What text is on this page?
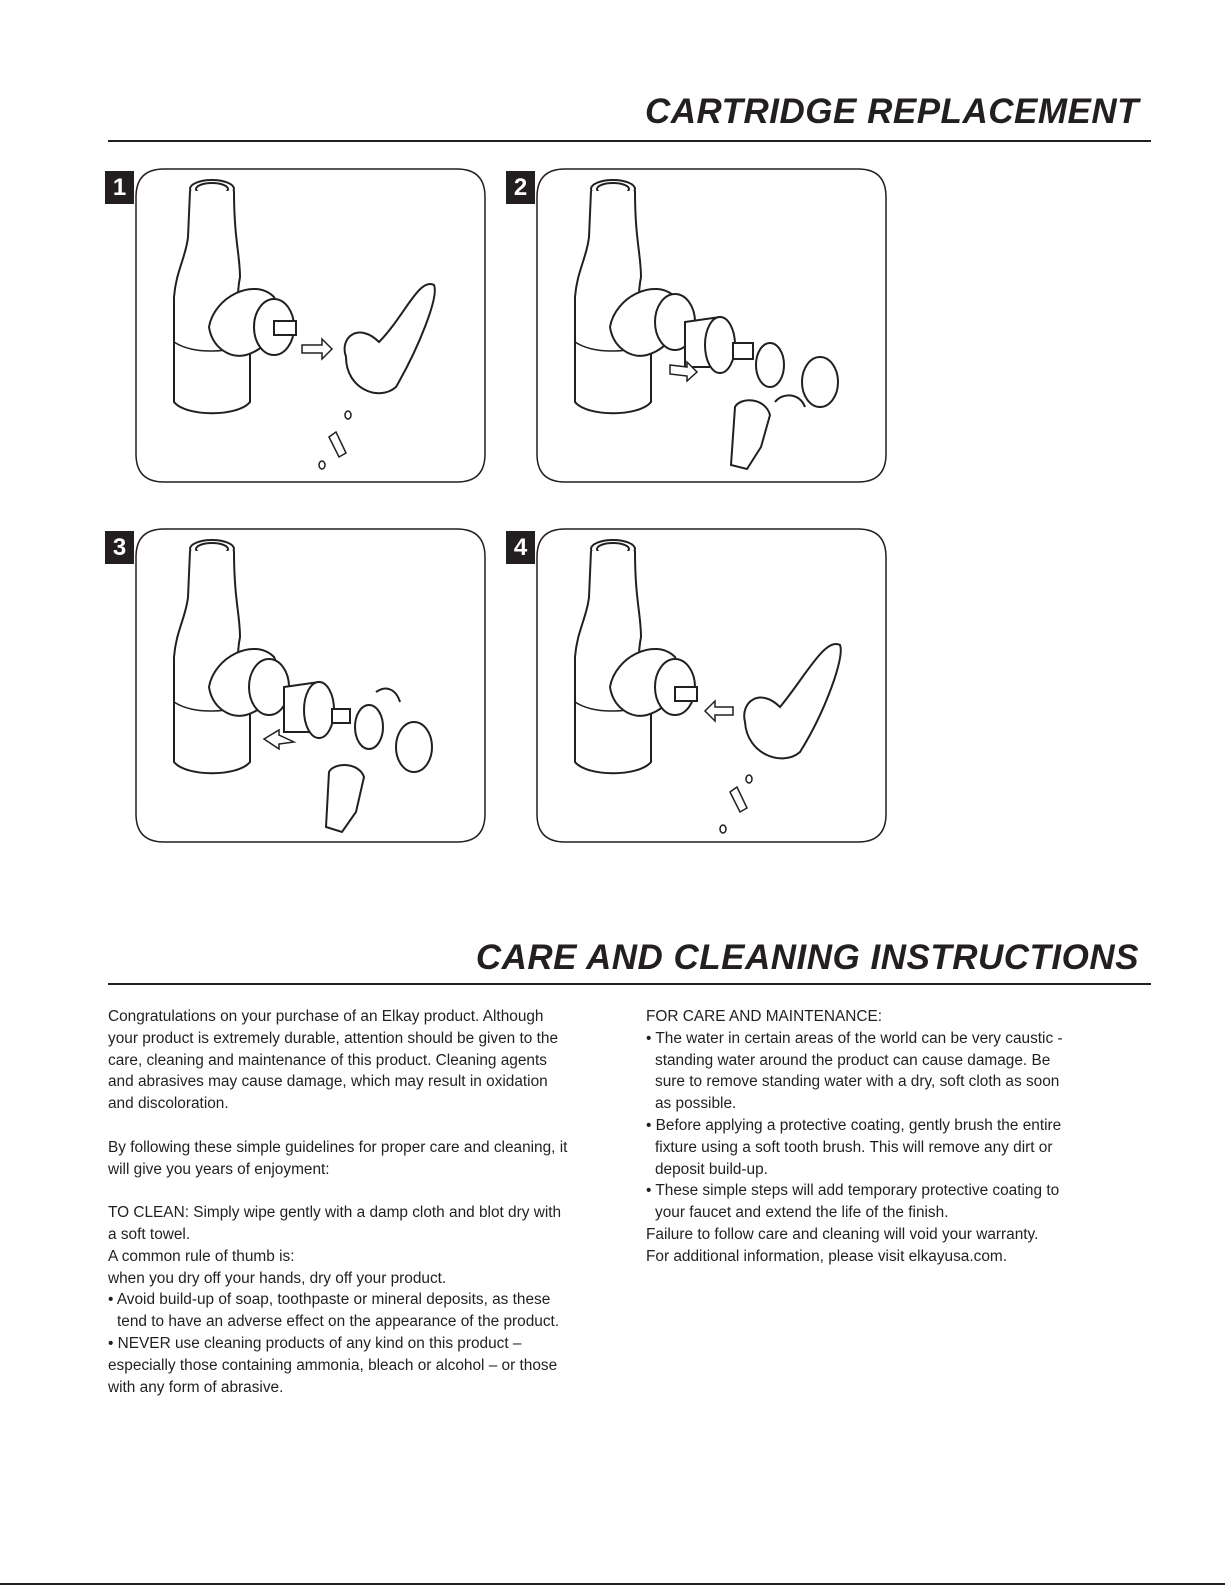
CARTRIDGE REPLACEMENT
1	2
3	4
CARE AND CLEANING INSTRUCTIONS

Congratulations on your purchase of an Elkay product. Although

your product is extremely durable, attention should be given to the

care, cleaning and maintenance of this product. Cleaning agents

and abrasives may cause damage, which may result in oxidation

and discoloration.

By following these simple guidelines for proper care and cleaning, it

will give you years of enjoyment:

TO CLEAN: Simply wipe gently with a damp cloth and blot dry with

a soft towel.

A common rule of thumb is:

when you dry off your hands, dry off your product.

• Avoid build-up of soap, toothpaste or mineral deposits, as these

tend to have an adverse effect on the appearance of the product.

• NEVER use cleaning products of any kind on this product –

especially those containing ammonia, bleach or alcohol – or those

with any form of abrasive.

FOR CARE AND MAINTENANCE:

• The water in certain areas of the world can be very caustic -

standing water around the product can cause damage. Be

sure to remove standing water with a dry, soft cloth as soon

as possible.

• Before applying a protective coating, gently brush the entire

fixture using a soft tooth brush. This will remove any dirt or

deposit build-up.

• These simple steps will add temporary protective coating to

your faucet and extend the life of the finish.

Failure to follow care and cleaning will void your warranty.

For additional information, please visit elkayusa.com.
